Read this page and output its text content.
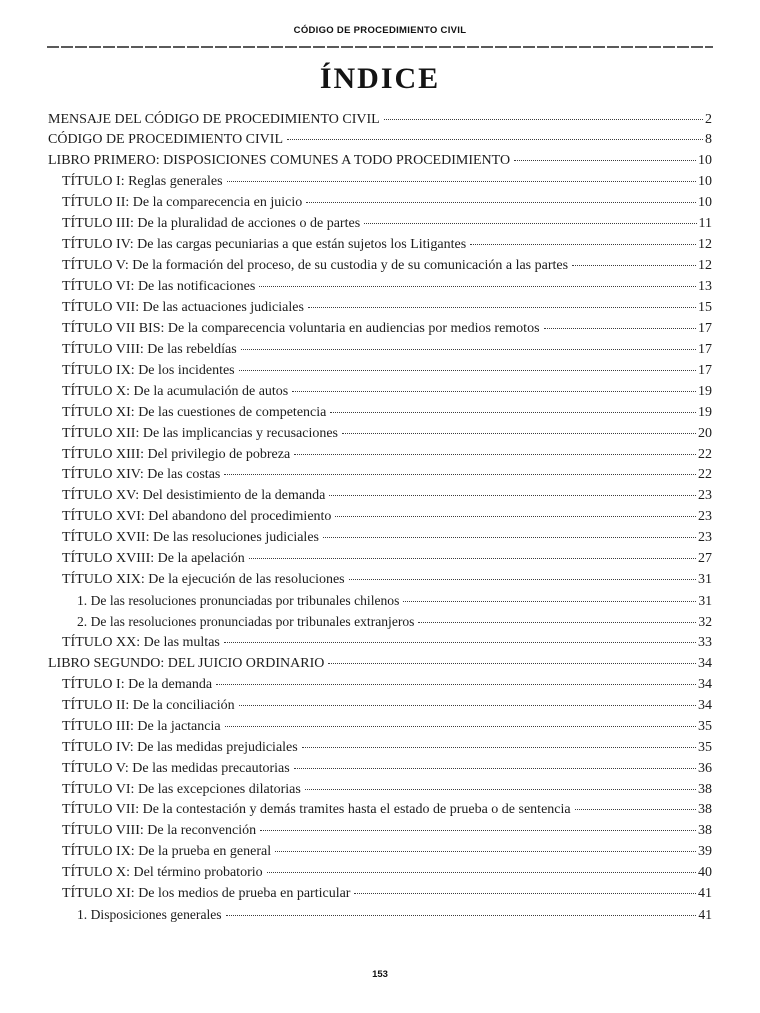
CÓDIGO DE PROCEDIMIENTO CIVIL
ÍNDICE
MENSAJE DEL CÓDIGO DE PROCEDIMIENTO CIVIL	2
CÓDIGO DE PROCEDIMIENTO CIVIL	8
LIBRO PRIMERO: DISPOSICIONES COMUNES A TODO PROCEDIMIENTO	10
TÍTULO I: Reglas generales	10
TÍTULO II: De la comparecencia en juicio	10
TÍTULO III: De la pluralidad de acciones o de partes	11
TÍTULO IV: De las cargas pecuniarias a que están sujetos los Litigantes	12
TÍTULO V: De la formación del proceso, de su custodia y de su comunicación a las partes	12
TÍTULO VI: De las notificaciones	13
TÍTULO VII: De las actuaciones judiciales	15
TÍTULO VII BIS: De la comparecencia voluntaria en audiencias por medios remotos	17
TÍTULO VIII: De las rebeldías	17
TÍTULO IX: De los incidentes	17
TÍTULO X: De la acumulación de autos	19
TÍTULO XI: De las cuestiones de competencia	19
TÍTULO XII: De las implicancias y recusaciones	20
TÍTULO XIII: Del privilegio de pobreza	22
TÍTULO XIV: De las costas	22
TÍTULO XV: Del desistimiento de la demanda	23
TÍTULO XVI: Del abandono del procedimiento	23
TÍTULO XVII: De las resoluciones judiciales	23
TÍTULO XVIII: De la apelación	27
TÍTULO XIX: De la ejecución de las resoluciones	31
1. De las resoluciones pronunciadas por tribunales chilenos	31
2. De las resoluciones pronunciadas por tribunales extranjeros	32
TÍTULO XX: De las multas	33
LIBRO SEGUNDO: DEL JUICIO ORDINARIO	34
TÍTULO I: De la demanda	34
TÍTULO II: De la conciliación	34
TÍTULO III: De la jactancia	35
TÍTULO IV: De las medidas prejudiciales	35
TÍTULO V: De las medidas precautorias	36
TÍTULO VI: De las excepciones dilatorias	38
TÍTULO VII: De la contestación y demás tramites hasta el estado de prueba o de sentencia	38
TÍTULO VIII: De la reconvención	38
TÍTULO IX: De la prueba en general	39
TÍTULO X: Del término probatorio	40
TÍTULO XI: De los medios de prueba en particular	41
1. Disposiciones generales	41
153
